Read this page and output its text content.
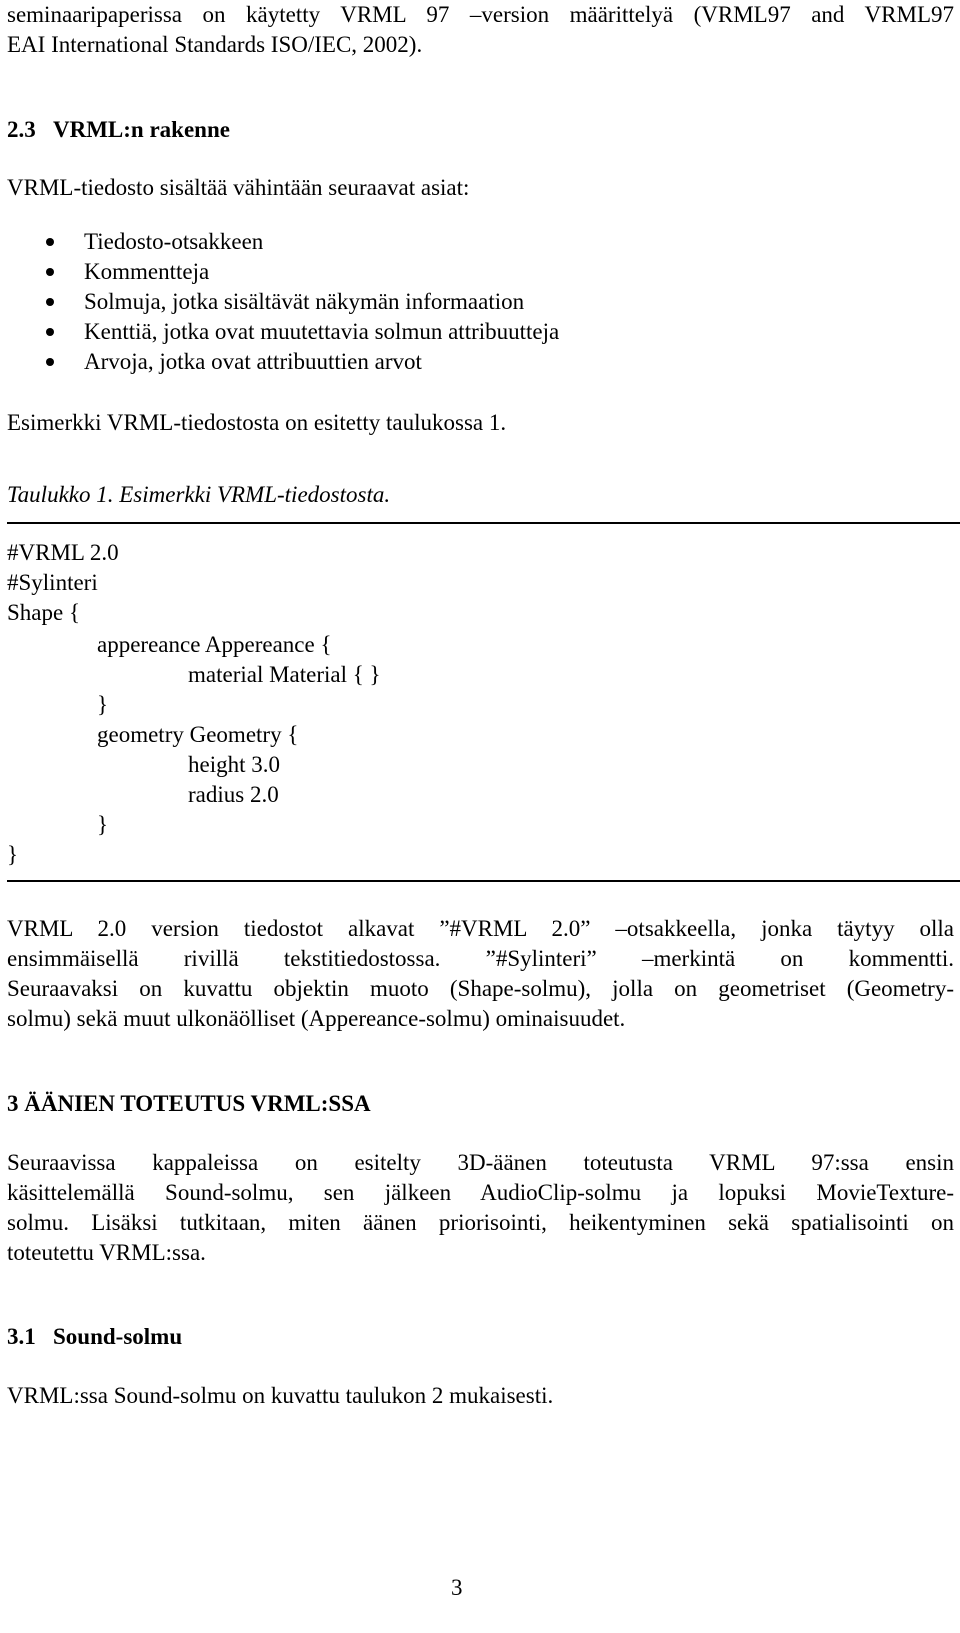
seminaaripaperissa on käytetty VRML 97 –version määrittelyä (VRML97 and VRML97
EAI International Standards ISO/IEC, 2002).
2.3 VRML:n rakenne
VRML-tiedosto sisältää vähintään seuraavat asiat:
Tiedosto-otsakkeen
Kommentteja
Solmuja, jotka sisältävät näkymän informaation
Kenttiä, jotka ovat muutettavia solmun attribuutteja
Arvoja, jotka ovat attribuuttien arvot
Esimerkki VRML-tiedostosta on esitetty taulukossa 1.
Taulukko 1. Esimerkki VRML-tiedostosta.
#VRML 2.0
#Sylinteri
Shape {
appereance Appereance {
material Material { }
}
geometry Geometry {
height 3.0
radius 2.0
}
}
VRML 2.0 version tiedostot alkavat ”#VRML 2.0” –otsakkeella, jonka täytyy olla
ensimmäisellä rivillä tekstitiedostossa. ”#Sylinteri” –merkintä on kommentti.
Seuraavaksi on kuvattu objektin muoto (Shape-solmu), jolla on geometriset (Geometry-
solmu) sekä muut ulkonäölliset (Appereance-solmu) ominaisuudet.
3 ÄÄNIEN TOTEUTUS VRML:SSA
Seuraavissa kappaleissa on esitelty 3D-äänen toteutusta VRML 97:ssa ensin
käsittelemällä Sound-solmu, sen jälkeen AudioClip-solmu ja lopuksi MovieTexture-
solmu. Lisäksi tutkitaan, miten äänen priorisointi, heikentyminen sekä spatialisointi on
toteutettu VRML:ssa.
3.1 Sound-solmu
VRML:ssa Sound-solmu on kuvattu taulukon 2 mukaisesti.
3
